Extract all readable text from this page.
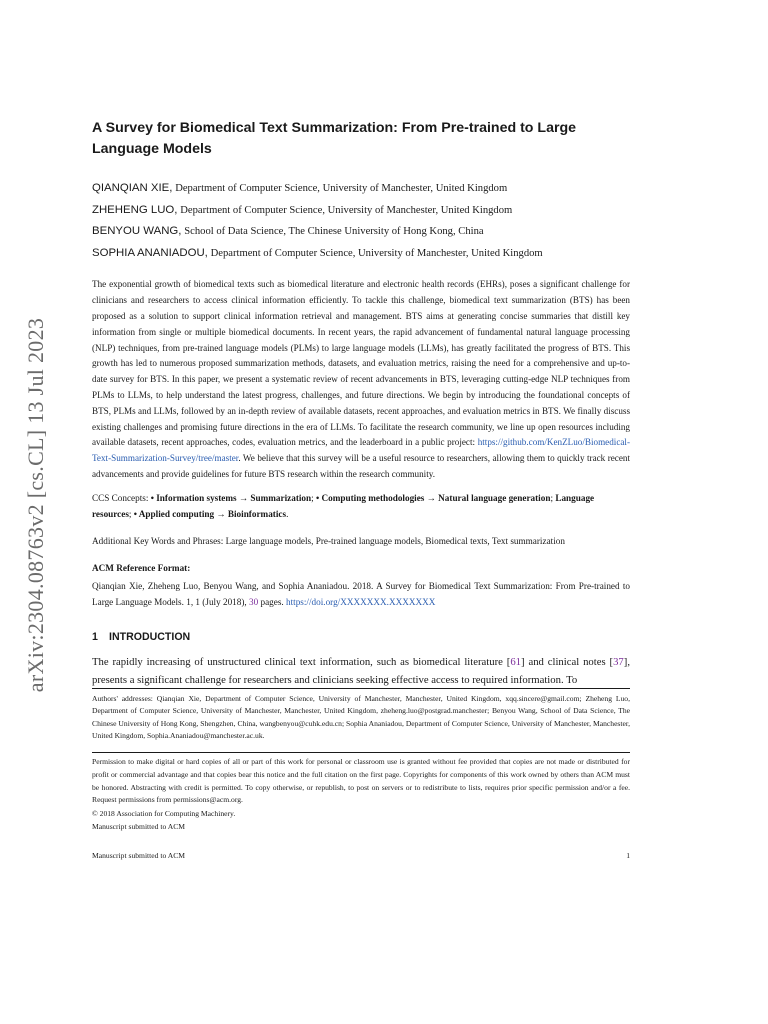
arXiv:2304.08763v2 [cs.CL] 13 Jul 2023
A Survey for Biomedical Text Summarization: From Pre-trained to Large Language Models
QIANQIAN XIE, Department of Computer Science, University of Manchester, United Kingdom
ZHEHENG LUO, Department of Computer Science, University of Manchester, United Kingdom
BENYOU WANG, School of Data Science, The Chinese University of Hong Kong, China
SOPHIA ANANIADOU, Department of Computer Science, University of Manchester, United Kingdom
The exponential growth of biomedical texts such as biomedical literature and electronic health records (EHRs), poses a significant challenge for clinicians and researchers to access clinical information efficiently. To tackle this challenge, biomedical text summarization (BTS) has been proposed as a solution to support clinical information retrieval and management. BTS aims at generating concise summaries that distill key information from single or multiple biomedical documents. In recent years, the rapid advancement of fundamental natural language processing (NLP) techniques, from pre-trained language models (PLMs) to large language models (LLMs), has greatly facilitated the progress of BTS. This growth has led to numerous proposed summarization methods, datasets, and evaluation metrics, raising the need for a comprehensive and up-to-date survey for BTS. In this paper, we present a systematic review of recent advancements in BTS, leveraging cutting-edge NLP techniques from PLMs to LLMs, to help understand the latest progress, challenges, and future directions. We begin by introducing the foundational concepts of BTS, PLMs and LLMs, followed by an in-depth review of available datasets, recent approaches, and evaluation metrics in BTS. We finally discuss existing challenges and promising future directions in the era of LLMs. To facilitate the research community, we line up open resources including available datasets, recent approaches, codes, evaluation metrics, and the leaderboard in a public project: https://github.com/KenZLuo/Biomedical-Text-Summarization-Survey/tree/master. We believe that this survey will be a useful resource to researchers, allowing them to quickly track recent advancements and provide guidelines for future BTS research within the research community.
CCS Concepts: • Information systems → Summarization; • Computing methodologies → Natural language generation; Language resources; • Applied computing → Bioinformatics.
Additional Key Words and Phrases: Large language models, Pre-trained language models, Biomedical texts, Text summarization
ACM Reference Format:
Qianqian Xie, Zheheng Luo, Benyou Wang, and Sophia Ananiadou. 2018. A Survey for Biomedical Text Summarization: From Pre-trained to Large Language Models. 1, 1 (July 2018), 30 pages. https://doi.org/XXXXXXX.XXXXXXX
1 INTRODUCTION
The rapidly increasing of unstructured clinical text information, such as biomedical literature [61] and clinical notes [37], presents a significant challenge for researchers and clinicians seeking effective access to required information. To
Authors' addresses: Qianqian Xie, Department of Computer Science, University of Manchester, Manchester, United Kingdom, xqq.sincere@gmail.com; Zheheng Luo, Department of Computer Science, University of Manchester, Manchester, United Kingdom, zheheng.luo@postgrad.manchester; Benyou Wang, School of Data Science, The Chinese University of Hong Kong, Shengzhen, China, wangbenyou@cuhk.edu.cn; Sophia Ananiadou, Department of Computer Science, University of Manchester, Manchester, United Kingdom, Sophia.Ananiadou@manchester.ac.uk.
Permission to make digital or hard copies of all or part of this work for personal or classroom use is granted without fee provided that copies are not made or distributed for profit or commercial advantage and that copies bear this notice and the full citation on the first page. Copyrights for components of this work owned by others than ACM must be honored. Abstracting with credit is permitted. To copy otherwise, or republish, to post on servers or to redistribute to lists, requires prior specific permission and/or a fee. Request permissions from permissions@acm.org.
© 2018 Association for Computing Machinery.
Manuscript submitted to ACM
Manuscript submitted to ACM	1
